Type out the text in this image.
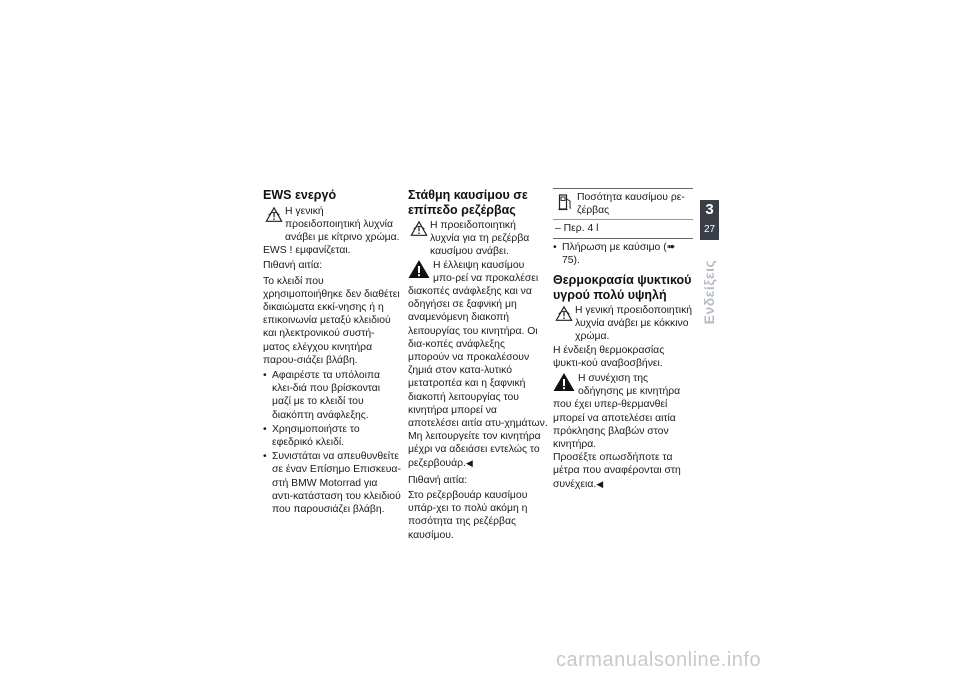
EWS ενεργό
Η γενική προειδοποιητική λυχνία ανάβει με κίτρινο χρώμα.

EWS ! εμφανίζεται.

Πιθανή αιτία:

Το κλειδί που χρησιμοποιήθηκε δεν διαθέτει δικαιώματα εκκί-νησης ή η επικοινωνία μεταξύ κλειδιού και ηλεκτρονικού συστή-ματος ελέγχου κινητήρα παρου-σιάζει βλάβη.

• Αφαιρέστε τα υπόλοιπα κλει-διά που βρίσκονται μαζί με το κλειδί του διακόπτη ανάφλεξης.
• Χρησιμοποιήστε το εφεδρικό κλειδί.
• Συνιστάται να απευθυνθείτε σε έναν Επίσημο Επισκευα-στή BMW Motorrad για αντι-κατάσταση του κλειδιού που παρουσιάζει βλάβη.
Στάθμη καυσίμου σε επίπεδο ρεζέρβας
Η προειδοποιητική λυχνία για τη ρεζέρβα καυσίμου ανάβει.
Η έλλειψη καυσίμου μπο-ρεί να προκαλέσει διακοπές ανάφλεξης και να οδηγήσει σε ξαφνική μη αναμενόμενη διακοπή λειτουργίας του κινητήρα. Οι δια-κοπές ανάφλεξης μπορούν να προκαλέσουν ζημιά στον κατα-λυτικό μετατροπέα και η ξαφνική διακοπή λειτουργίας του κινητήρα μπορεί να αποτελέσει αιτία ατυ-χημάτων.
Μη λειτουργείτε τον κινητήρα μέχρι να αδειάσει εντελώς το ρεζερβουάρ.◀

Πιθανή αιτία:

Στο ρεζερβουάρ καυσίμου υπάρ-χει το πολύ ακόμη η ποσότητα της ρεζέρβας καυσίμου.

Ποσότητα καυσίμου ρε-ζέρβας
– Περ. 4 l
• Πλήρωση με καύσιμο (➠ 75).
Θερμοκρασία ψυκτικού υγρού πολύ υψηλή
Η γενική προειδοποιητική λυχνία ανάβει με κόκκινο χρώμα.

Η ένδειξη θερμοκρασίας ψυκτι-κού αναβοσβήνει.

Η συνέχιση της οδήγησης με κινητήρα που έχει υπερ-θερμανθεί μπορεί να αποτελέσει αιτία πρόκλησης βλαβών στον κινητήρα.
Προσέξτε οπωσδήποτε τα μέτρα που αναφέρονται στη συνέχεια.◀
3
27
Ενδείξεις
carmanualsonline.info
